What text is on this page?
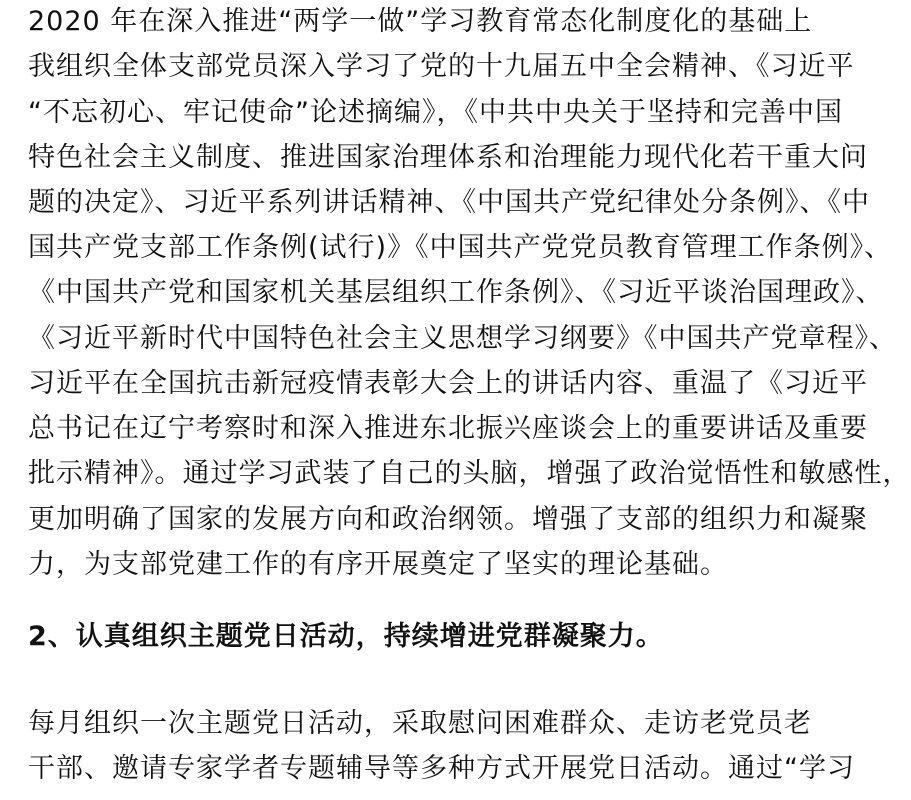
2020 年在深入推进“两学一做”学习教育常态化制度化的基础上
我组织全体支部党员深入学习了党的十九届五中全会精神、《习近平
“不忘初心、牢记使命”论述摘编》，《中共中央关于坚持和完善中国
特色社会主义制度、推进国家治理体系和治理能力现代化若干重大问
题的决定》、习近平系列讲话精神、《中国共产党纪律处分条例》、《中
国共产党支部工作条例(试行)》《中国共产党党员教育管理工作条例》、
《中国共产党和国家机关基层组织工作条例》、《习近平谈治国理政》、
《习近平新时代中国特色社会主义思想学习纲要》《中国共产党章程》、
习近平在全国抗击新冠疫情表彰大会上的讲话内容、重温了《习近平
总书记在辽宁考察时和深入推进东北振兴座谈会上的重要讲话及重要
批示精神》。通过学习武装了自己的头脑，增强了政治觉悟性和敏感性，
更加明确了国家的发展方向和政治纲领。增强了支部的组织力和凝聚
力，为支部党建工作的有序开展奠定了坚实的理论基础。
2、认真组织主题党日活动，持续增进党群凝聚力。
每月组织一次主题党日活动，采取慰问困难群众、走访老党员老
干部、邀请专家学者专题辅导等多种方式开展党日活动。通过“学习
